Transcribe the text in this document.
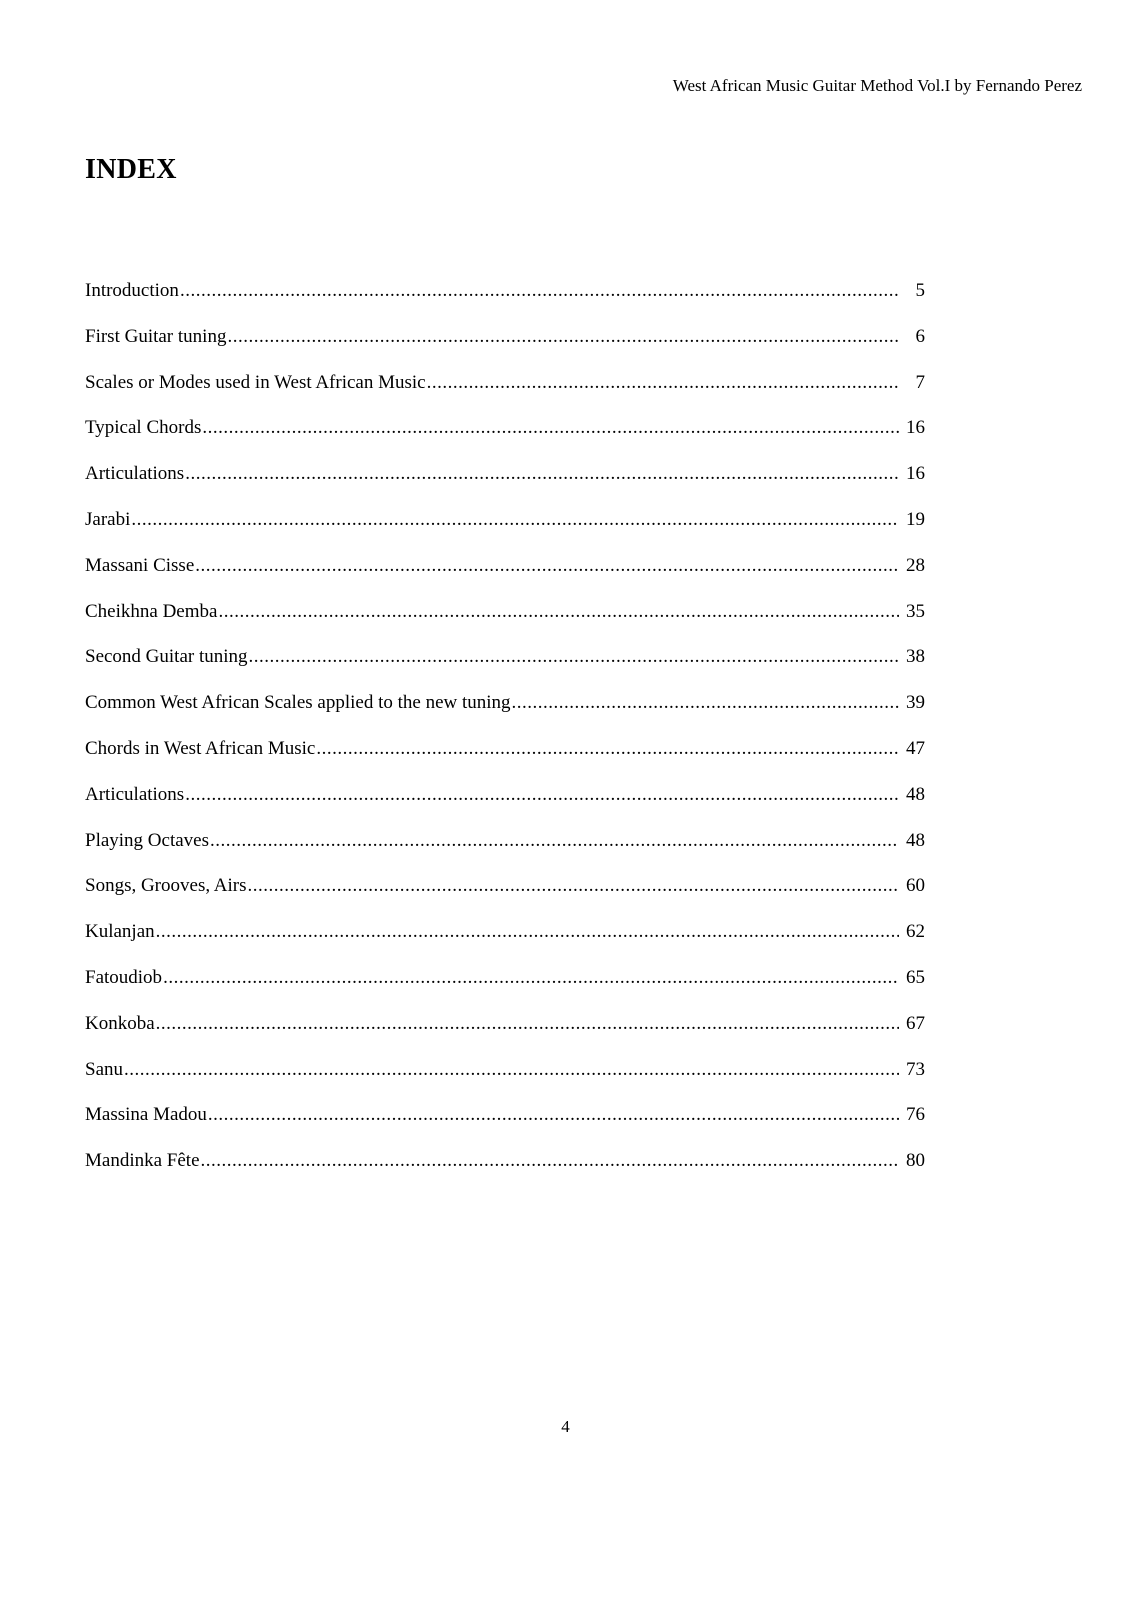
West African Music Guitar Method Vol.I by Fernando Perez
INDEX
Introduction .....	5
First Guitar tuning .....	6
Scales or Modes used in West African Music .....	7
Typical Chords .....	16
Articulations .....	16
Jarabi .....	19
Massani Cisse .....	28
Cheikhna Demba .....	35
Second Guitar tuning .....	38
Common West African Scales applied to the new tuning .....	39
Chords in West African Music .....	47
Articulations .....	48
Playing Octaves .....	48
Songs, Grooves, Airs .....	60
Kulanjan .....	62
Fatoudiob .....	65
Konkoba .....	67
Sanu .....	73
Massina Madou .....	76
Mandinka Fête .....	80
4
